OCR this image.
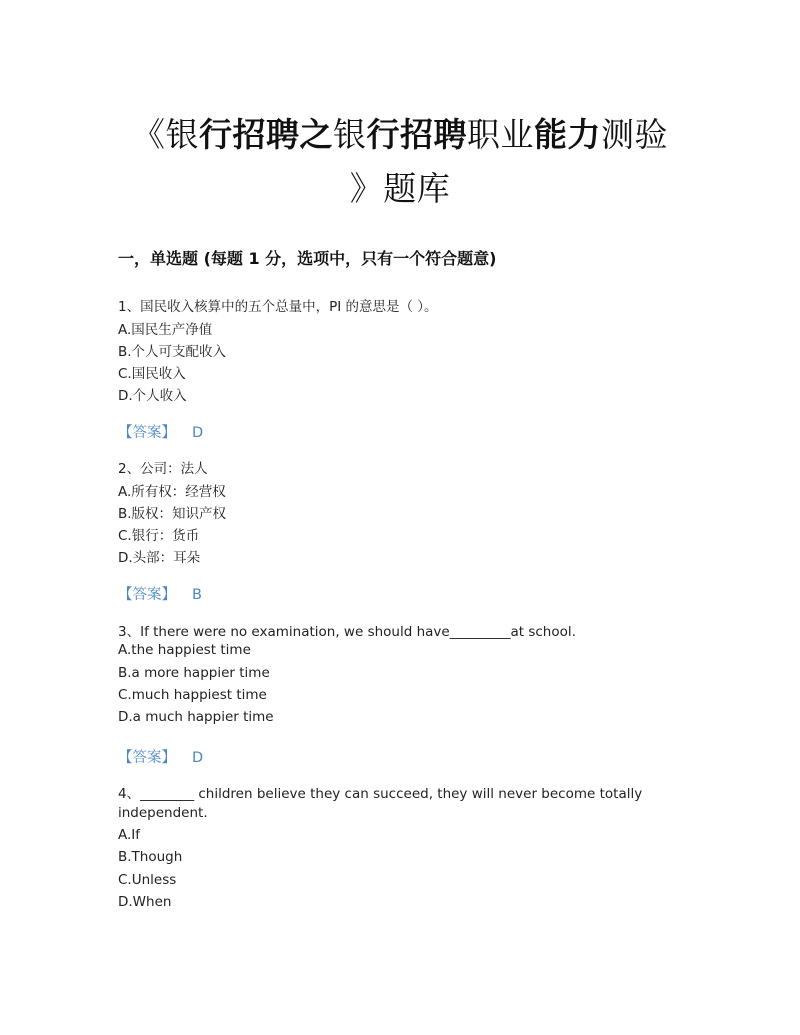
《银行招聘之银行招聘职业能力测验
》题库
一，单选题 (每题 1 分，选项中，只有一个符合题意)
1、国民收入核算中的五个总量中，PI 的意思是（ ）。
A.国民生产净值
B.个人可支配收入
C.国民收入
D.个人收入
【答案】 D
2、公司：法人
A.所有权：经营权
B.版权：知识产权
C.银行：货币
D.头部：耳朵
【答案】 B
3、If there were no examination, we should have_________at school.
A.the happiest time
B.a more happier time
C.much happiest time
D.a much happier time
【答案】 D
4、________ children believe they can succeed, they will never become totally
independent.
A.If
B.Though
C.Unless
D.When
